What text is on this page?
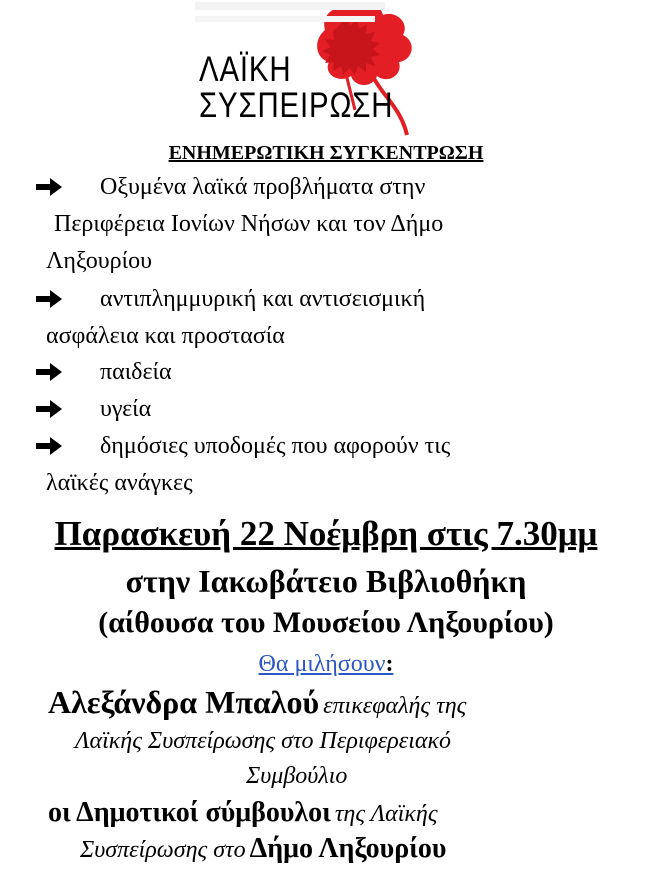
ΛΑΪΚΗ
ΣΥΣΠΕΙΡΩΣΗ
ΕΝΗΜΕΡΩΤΙΚΗ ΣΥΓΚΕΝΤΡΩΣΗ
Οξυμένα λαϊκά προβλήματα στην
Περιφέρεια Ιονίων Νήσων και τον Δήμο
Ληξουρίου
αντιπλημμυρική και αντισεισμική
ασφάλεια και προστασία
παιδεία
υγεία
δημόσιες υποδομές που αφορούν τις
λαϊκές ανάγκες
Παρασκευή 22 Νοέμβρη στις 7.30μμ
στην Ιακωβάτειο Βιβλιοθήκη
(αίθουσα του Μουσείου Ληξουρίου)
Θα μιλήσουν:
Αλεξάνδρα Μπαλού επικεφαλής της
Λαϊκής Συσπείρωσης στο Περιφερειακό
Συμβούλιο
οι Δημοτικοί σύμβουλοι της Λαϊκής
Συσπείρωσης στο Δήμο Ληξουρίου
